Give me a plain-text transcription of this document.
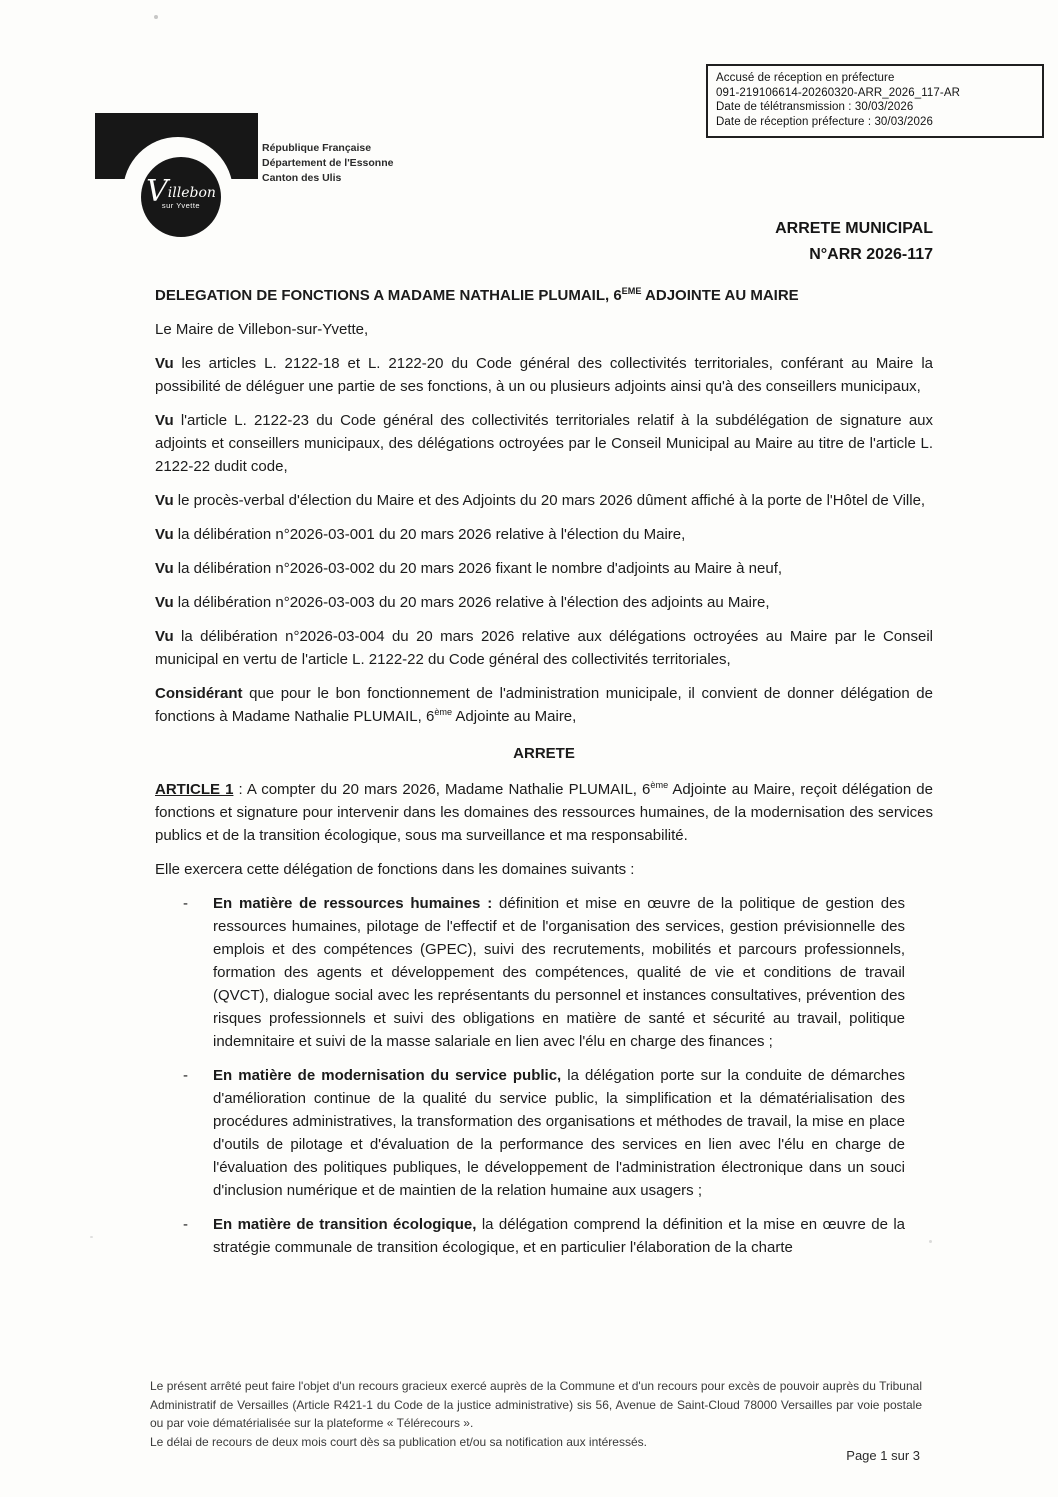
Accusé de réception en préfecture
091-219106614-20260320-ARR_2026_117-AR
Date de télétransmission : 30/03/2026
Date de réception préfecture : 30/03/2026
Villebon
sur Yvette
République Française
Département de l'Essonne
Canton des Ulis
ARRETE MUNICIPAL
N°ARR 2026-117

DELEGATION DE FONCTIONS A MADAME NATHALIE PLUMAIL, 6EME ADJOINTE AU MAIRE

Le Maire de Villebon-sur-Yvette,

Vu les articles L. 2122-18 et L. 2122-20 du Code général des collectivités territoriales, conférant au Maire la possibilité de déléguer une partie de ses fonctions, à un ou plusieurs adjoints ainsi qu'à des conseillers municipaux,

Vu l'article L. 2122-23 du Code général des collectivités territoriales relatif à la subdélégation de signature aux adjoints et conseillers municipaux, des délégations octroyées par le Conseil Municipal au Maire au titre de l'article L. 2122-22 dudit code,

Vu le procès-verbal d'élection du Maire et des Adjoints du 20 mars 2026 dûment affiché à la porte de l'Hôtel de Ville,

Vu la délibération n°2026-03-001 du 20 mars 2026 relative à l'élection du Maire,

Vu la délibération n°2026-03-002 du 20 mars 2026 fixant le nombre d'adjoints au Maire à neuf,

Vu la délibération n°2026-03-003 du 20 mars 2026 relative à l'élection des adjoints au Maire,

Vu la délibération n°2026-03-004 du 20 mars 2026 relative aux délégations octroyées au Maire par le Conseil municipal en vertu de l'article L. 2122-22 du Code général des collectivités territoriales,

Considérant que pour le bon fonctionnement de l'administration municipale, il convient de donner délégation de fonctions à Madame Nathalie PLUMAIL, 6ème Adjointe au Maire,

ARRETE

ARTICLE 1 : A compter du 20 mars 2026, Madame Nathalie PLUMAIL, 6ème Adjointe au Maire, reçoit délégation de fonctions et signature pour intervenir dans les domaines des ressources humaines, de la modernisation des services publics et de la transition écologique, sous ma surveillance et ma responsabilité.

Elle exercera cette délégation de fonctions dans les domaines suivants :

-	En matière de ressources humaines : définition et mise en œuvre de la politique de gestion des ressources humaines, pilotage de l'effectif et de l'organisation des services, gestion prévisionnelle des emplois et des compétences (GPEC), suivi des recrutements, mobilités et parcours professionnels, formation des agents et développement des compétences, qualité de vie et conditions de travail (QVCT), dialogue social avec les représentants du personnel et instances consultatives, prévention des risques professionnels et suivi des obligations en matière de santé et sécurité au travail, politique indemnitaire et suivi de la masse salariale en lien avec l'élu en charge des finances ;
-	En matière de modernisation du service public, la délégation porte sur la conduite de démarches d'amélioration continue de la qualité du service public, la simplification et la dématérialisation des procédures administratives, la transformation des organisations et méthodes de travail, la mise en place d'outils de pilotage et d'évaluation de la performance des services en lien avec l'élu en charge de l'évaluation des politiques publiques, le développement de l'administration électronique dans un souci d'inclusion numérique et de maintien de la relation humaine aux usagers ;
-	En matière de transition écologique, la délégation comprend la définition et la mise en œuvre de la stratégie communale de transition écologique, et en particulier l'élaboration de la charte

Le présent arrêté peut faire l'objet d'un recours gracieux exercé auprès de la Commune et d'un recours pour excès de pouvoir auprès du Tribunal Administratif de Versailles (Article R421-1 du Code de la justice administrative) sis 56, Avenue de Saint-Cloud 78000 Versailles par voie postale ou par voie dématérialisée sur la plateforme « Télérecours ».

Le délai de recours de deux mois court dès sa publication et/ou sa notification aux intéressés.

Page 1 sur 3
